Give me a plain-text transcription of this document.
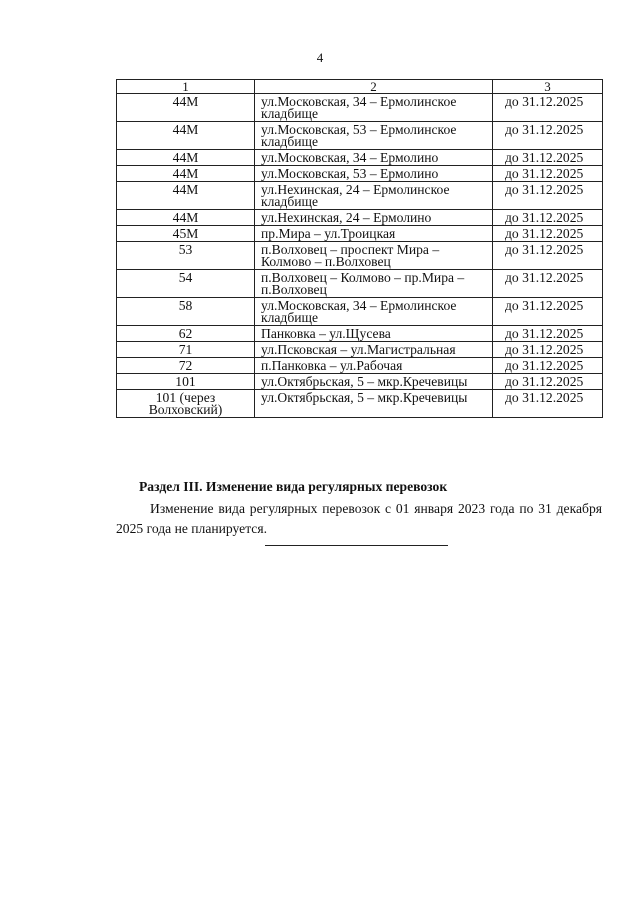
4
1	2	3
44М	ул.Московская, 34 – Ермолинское кладбище	до 31.12.2025
44М	ул.Московская, 53 – Ермолинское кладбище	до 31.12.2025
44М	ул.Московская, 34 – Ермолино	до 31.12.2025
44М	ул.Московская, 53 – Ермолино	до 31.12.2025
44М	ул.Нехинская, 24 – Ермолинское кладбище	до 31.12.2025
44М	ул.Нехинская, 24 – Ермолино	до 31.12.2025
45М	пр.Мира – ул.Троицкая	до 31.12.2025
53	п.Волховец – проспект Мира – Колмово – п.Волховец	до 31.12.2025
54	п.Волховец – Колмово – пр.Мира – п.Волховец	до 31.12.2025
58	ул.Московская, 34 – Ермолинское кладбище	до 31.12.2025
62	Панковка – ул.Щусева	до 31.12.2025
71	ул.Псковская – ул.Магистральная	до 31.12.2025
72	п.Панковка – ул.Рабочая	до 31.12.2025
101	ул.Октябрьская, 5 – мкр.Кречевицы	до 31.12.2025
101 (через Волховский)	ул.Октябрьская, 5 – мкр.Кречевицы	до 31.12.2025
Раздел III. Изменение вида регулярных перевозок

Изменение вида регулярных перевозок с 01 января 2023 года по 31 декабря 2025 года не планируется.
